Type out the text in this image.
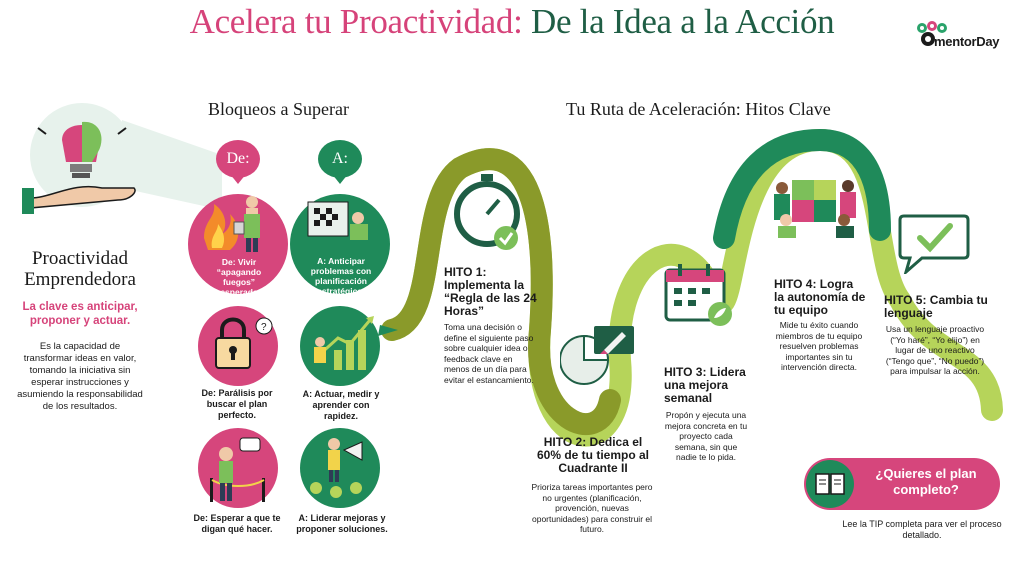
Acelera tu Proactividad: De la Idea a la Acción
mentorDay
Bloqueos a Superar	Tu Ruta de Aceleración: Hitos Clave
Proactividad Emprendedora
La clave es anticipar, proponer y actuar.
Es la capacidad de transformar ideas en valor, tomando la iniciativa sin esperar instrucciones y asumiendo la responsabilidad de los resultados.
De:	A:
De: Vivir “apagando fuegos” inesperados.
A: Anticipar problemas con planificación estratégico.
?
De: Parálisis por buscar el plan perfecto.
A: Actuar, medir y aprender con rapidez.
De: Esperar a que te digan qué hacer.
A: Liderar mejoras y proponer soluciones.
HITO 1: Implementa la “Regla de las 24 Horas”
Toma una decisión o define el siguiente paso sobre cualquier idea o feedback clave en menos de un día para evitar el estancamiento.
HITO 2: Dedica el 60% de tu tiempo al Cuadrante II
Prioriza tareas importantes pero no urgentes (planificación, provención, nuevas oportunidades) para construir el futuro.
HITO 3: Lidera una mejora semanal
Propón y ejecuta una mejora concreta en tu proyecto cada semana, sin que nadie te lo pida.
HITO 4: Logra la autonomía de tu equipo
Mide tu éxito cuando miembros de tu equipo resuelven problemas importantes sin tu intervención directa.
HITO 5: Cambia tu lenguaje
Usa un lenguaje proactivo (“Yo haré”, “Yo elijo”) en lugar de uno reactivo (“Tengo que”, “No puedo”) para impulsar la acción.
¿Quieres el plan completo?
Lee la TIP completa para ver el proceso detallado.
